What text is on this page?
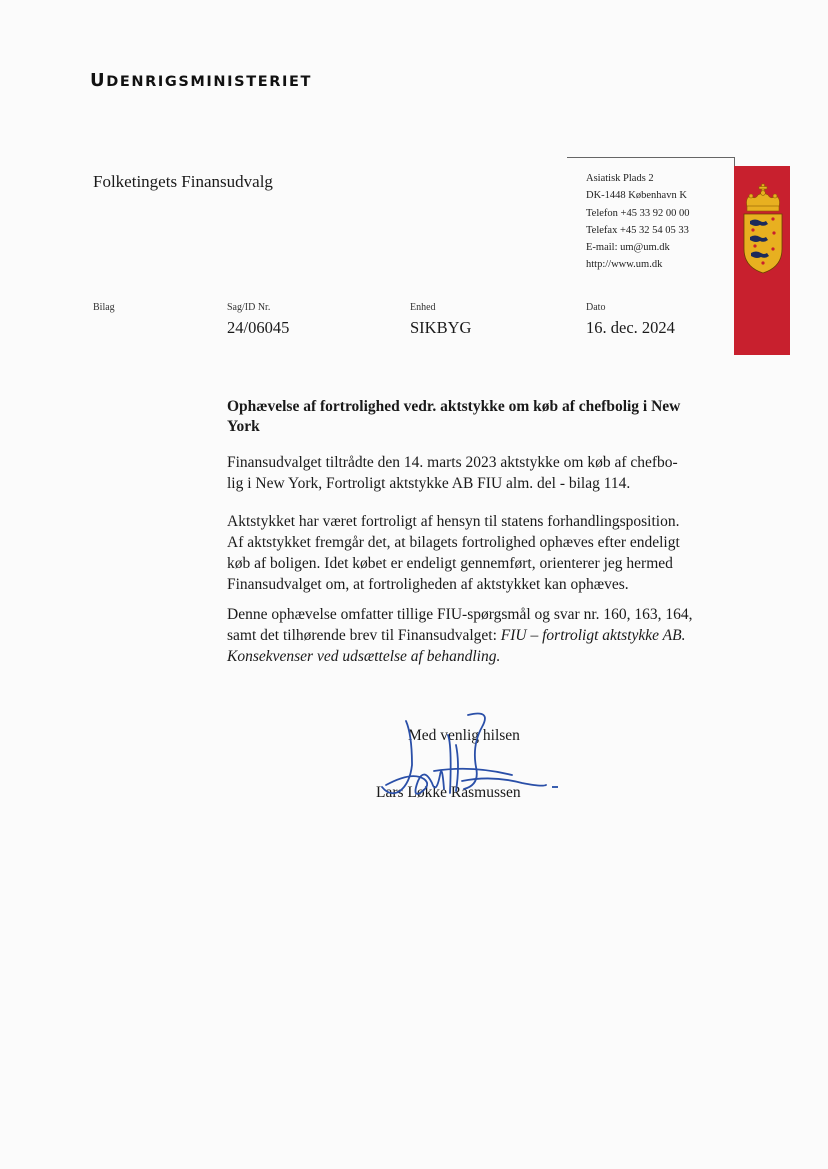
UDENRIGSMINISTERIET
Folketingets Finansudvalg	Asiatisk Plads 2
DK-1448 København K
Telefon +45 33 92 00 00
Telefax +45 32 54 05 33
E-mail: um@um.dk
http://www.um.dk
Bilag	Sag/ID Nr.
24/06045
Enhed
SIKBYG
Dato
16. dec. 2024
Ophævelse af fortrolighed vedr. aktstykke om køb af chefbolig i New York
Finansudvalget tiltrådte den 14. marts 2023 aktstykke om køb af chefbo-
lig i New York, Fortroligt aktstykke AB FIU alm. del - bilag 114.
Aktstykket har været fortroligt af hensyn til statens forhandlingsposition.
Af aktstykket fremgår det, at bilagets fortrolighed ophæves efter endeligt
køb af boligen. Idet købet er endeligt gennemført, orienterer jeg hermed
Finansudvalget om, at fortroligheden af aktstykket kan ophæves.
Denne ophævelse omfatter tillige FIU-spørgsmål og svar nr. 160, 163, 164,
samt det tilhørende brev til Finansudvalget: FIU – fortroligt aktstykke AB.
Konsekvenser ved udsættelse af behandling.
Med venlig hilsen
Lars Løkke Rasmussen
